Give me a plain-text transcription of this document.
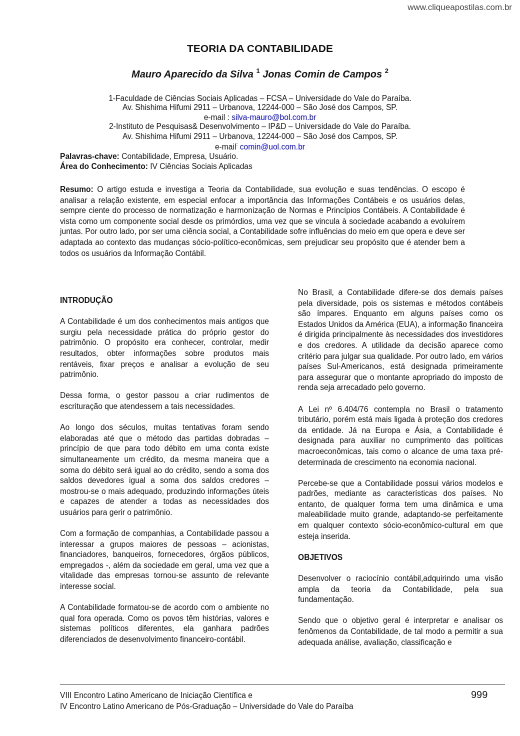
www.cliqueapostilas.com.br
TEORIA DA CONTABILIDADE
Mauro Aparecido da Silva $^1$ Jonas Comin de Campos $^2$
1-Faculdade de Ciências Sociais Aplicadas – FCSA – Universidade do Vale do Paraíba.
Av. Shishima Hifumi 2911 – Urbanova, 12244-000 – São José dos Campos, SP.
e-mail : silva-mauro@bol.com.br
2-Instituto de Pesquisas& Desenvolvimento – IP&D – Universidade do Vale do Paraíba.
Av. Shishima Hifumi 2911 – Urbanova, 12244-000 – São José dos Campos, SP.
e-mail: comin@uol.com.br
Palavras-chave: Contabilidade, Empresa, Usuário.
Área do Conhecimento: IV Ciências Sociais Aplicadas
Resumo: O artigo estuda e investiga a Teoria da Contabilidade, sua evolução e suas tendências. O escopo é analisar a relação existente, em especial enfocar a importância das Informações Contábeis e os usuários delas, sempre ciente do processo de normatização e harmonização de Normas e Princípios Contábeis. A Contabilidade é vista como um componente social desde os primórdios, uma vez que se vincula à sociedade acabando a evoluírem juntas. Por outro lado, por ser uma ciência social, a Contabilidade sofre influências do meio em que opera e deve ser adaptada ao contexto das mudanças sócio-político-econômicas, sem prejudicar seu propósito que é atender bem a todos os usuários da Informação Contábil.
INTRODUÇÃO

A Contabilidade é um dos conhecimentos mais antigos que surgiu pela necessidade prática do próprio gestor do patrimônio. O propósito era conhecer, controlar, medir resultados, obter informações sobre produtos mais rentáveis, fixar preços e analisar a evolução de seu patrimônio.

Dessa forma, o gestor passou a criar rudimentos de escrituração que atendessem a tais necessidades.

Ao longo dos séculos, muitas tentativas foram sendo elaboradas até que o método das partidas dobradas – princípio de que para todo débito em uma conta existe simultaneamente um crédito, da mesma maneira que a soma do débito será igual ao do crédito, sendo a soma dos saldos devedores igual a soma dos saldos credores – mostrou-se o mais adequado, produzindo informações úteis e capazes de atender a todas as necessidades dos usuários para gerir o patrimônio.

Com a formação de companhias, a Contabilidade passou a interessar a grupos maiores de pessoas – acionistas, financiadores, banqueiros, fornecedores, órgãos públicos, empregados -, além da sociedade em geral, uma vez que a vitalidade das empresas tornou-se assunto de relevante interesse social.

A Contabilidade formatou-se de acordo com o ambiente no qual fora operada. Como os povos têm histórias, valores e sistemas políticos diferentes, ela ganhara padrões diferenciados de desenvolvimento financeiro-contábil.

No Brasil, a Contabilidade difere-se dos demais países pela diversidade, pois os sistemas e métodos contábeis são ímpares. Enquanto em alguns países como os Estados Unidos da América (EUA), a informação financeira é dirigida principalmente às necessidades dos investidores e dos credores. A utilidade da decisão aparece como critério para julgar sua qualidade. Por outro lado, em vários países Sul-Americanos, está designada primeiramente para assegurar que o montante apropriado do imposto de renda seja arrecadado pelo governo.

A Lei nº 6.404/76 contempla no Brasil o tratamento tributário, porém está mais ligada à proteção dos credores da entidade. Já na Europa e Ásia, a Contabilidade é designada para auxiliar no cumprimento das políticas macroeconômicas, tais como o alcance de uma taxa pré-determinada de crescimento na economia nacional.

Percebe-se que a Contabilidade possui vários modelos e padrões, mediante as características dos países. No entanto, de qualquer forma tem uma dinâmica e uma maleabilidade muito grande, adaptando-se perfeitamente em qualquer contexto sócio-econômico-cultural em que esteja inserida.

OBJETIVOS

Desenvolver o raciocínio contábil,adquirindo uma visão ampla da teoria da Contabilidade, pela sua fundamentação.

Sendo que o objetivo geral é interpretar e analisar os fenômenos da Contabilidade, de tal modo a permitir a sua adequada análise, avaliação, classificação e

VIII Encontro Latino Americano de Iniciação Científica e
IV Encontro Latino Americano de Pós-Graduação – Universidade do Vale do Paraíba
999
